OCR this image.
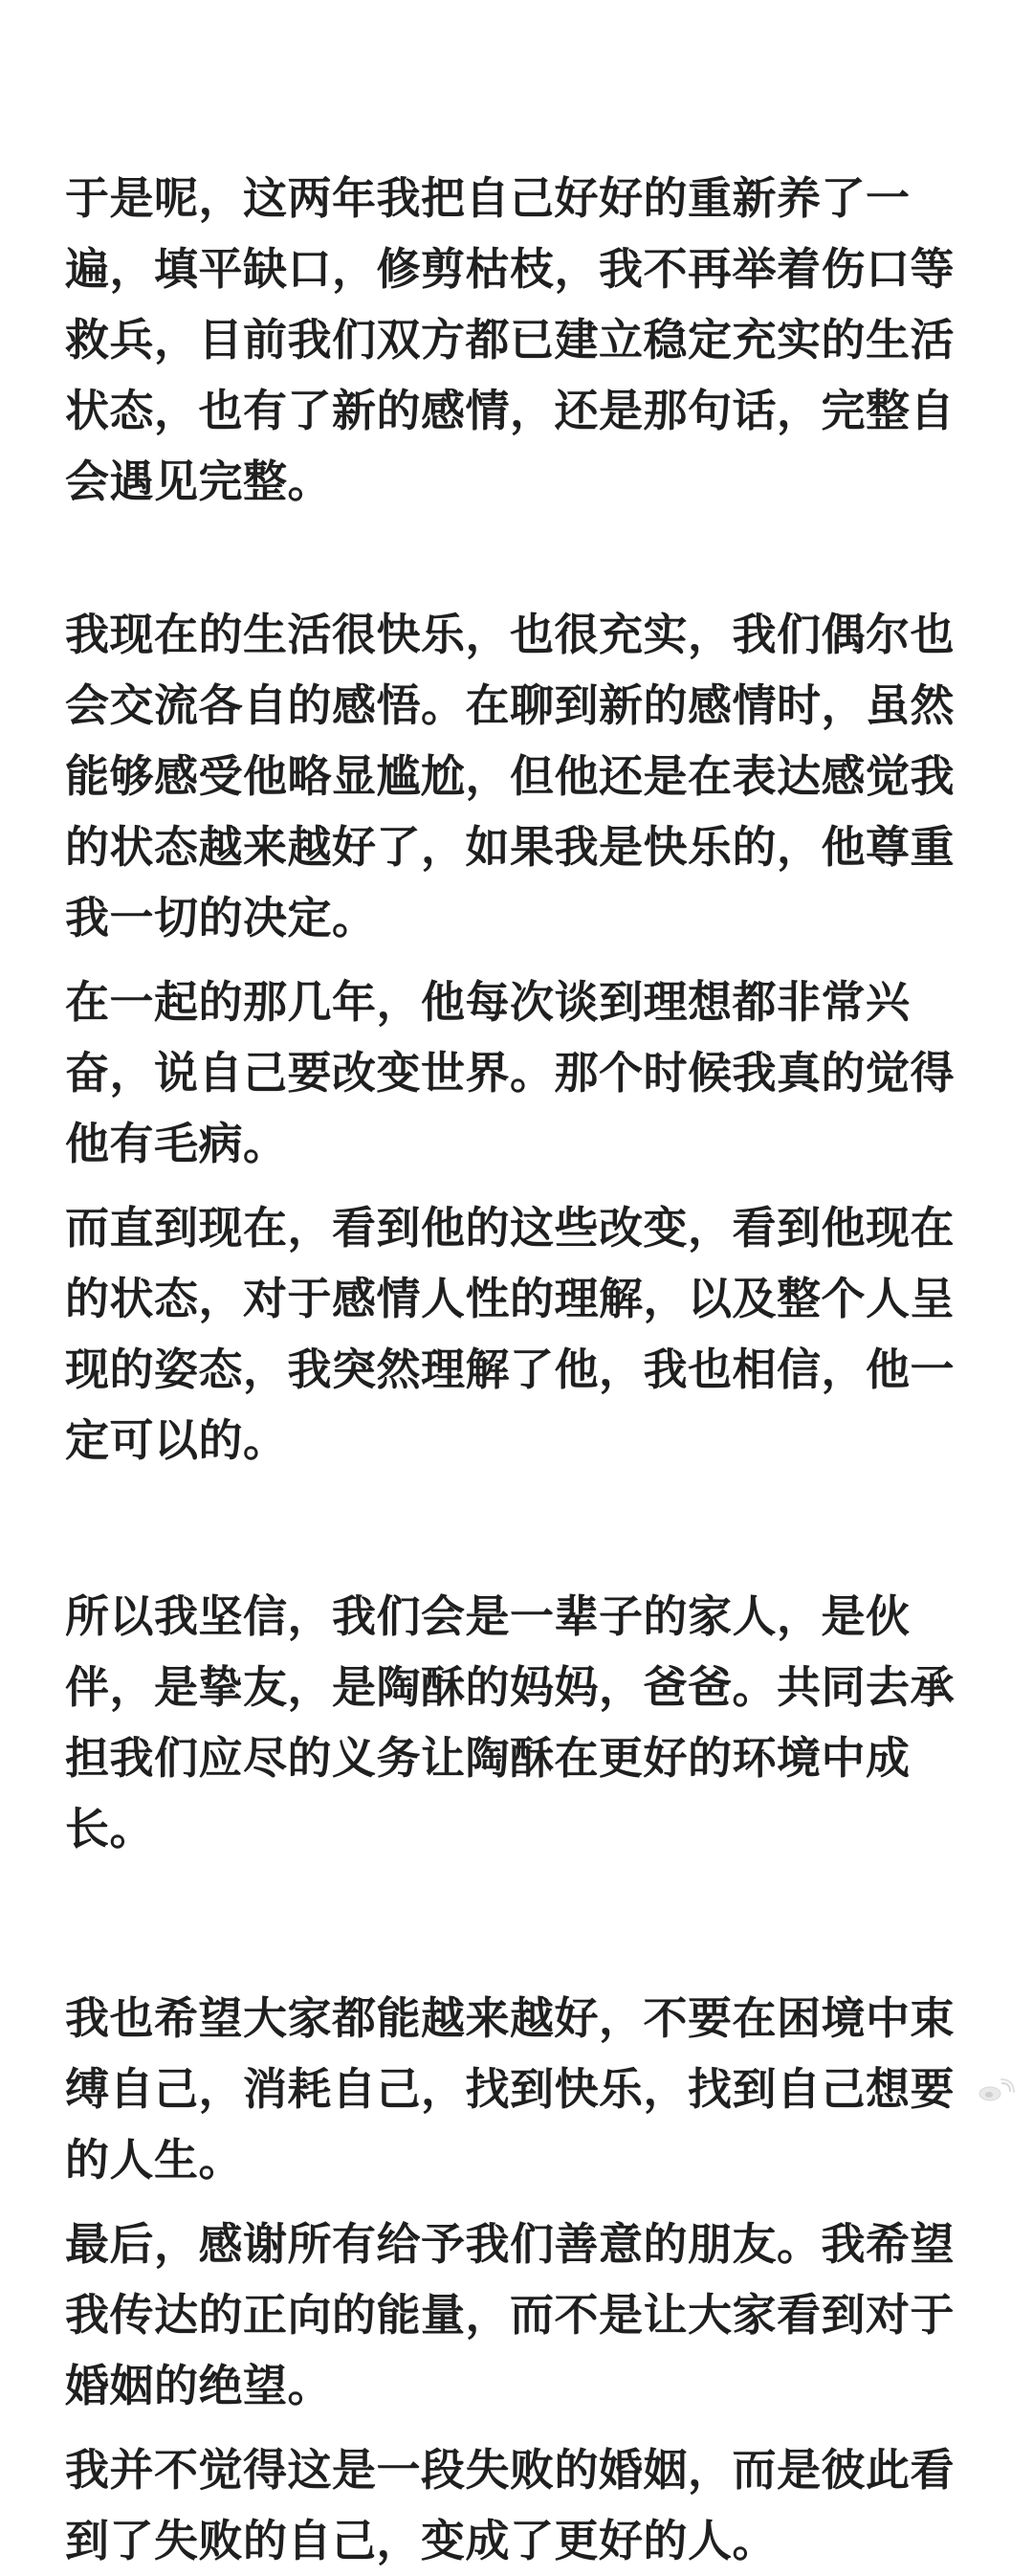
于是呢，这两年我把自己好好的重新养了一遍，填平缺口，修剪枯枝，我不再举着伤口等救兵，目前我们双方都已建立稳定充实的生活状态，也有了新的感情，还是那句话，完整自会遇见完整。

我现在的生活很快乐，也很充实，我们偶尔也会交流各自的感悟。在聊到新的感情时，虽然能够感受他略显尴尬，但他还是在表达感觉我的状态越来越好了，如果我是快乐的，他尊重我一切的决定。

在一起的那几年，他每次谈到理想都非常兴奋，说自己要改变世界。那个时候我真的觉得他有毛病。

而直到现在，看到他的这些改变，看到他现在的状态，对于感情人性的理解，以及整个人呈现的姿态，我突然理解了他，我也相信，他一定可以的。

所以我坚信，我们会是一辈子的家人，是伙伴，是挚友，是陶酥的妈妈，爸爸。共同去承担我们应尽的义务让陶酥在更好的环境中成长。

我也希望大家都能越来越好，不要在困境中束缚自己，消耗自己，找到快乐，找到自己想要的人生。

最后，感谢所有给予我们善意的朋友。我希望我传达的正向的能量，而不是让大家看到对于婚姻的绝望。

我并不觉得这是一段失败的婚姻，而是彼此看到了失败的自己，变成了更好的人。
